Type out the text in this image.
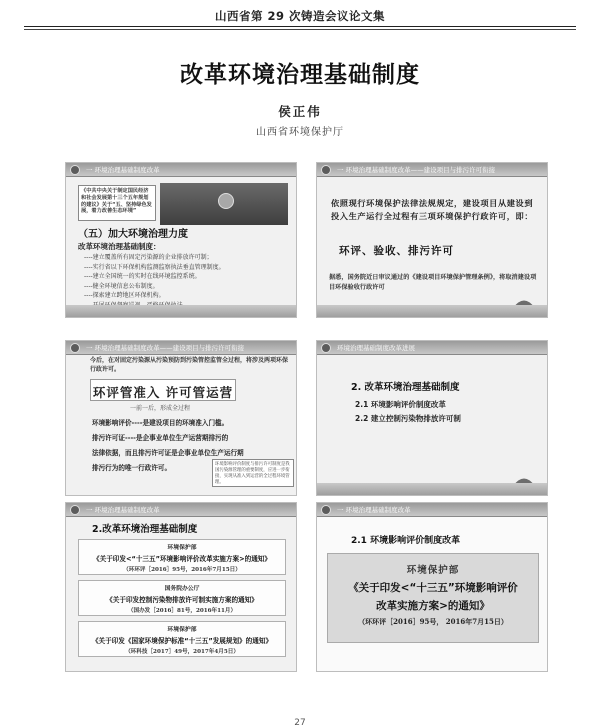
山西省第 29 次铸造会议论文集
改革环境治理基础制度
侯正伟
山西省环境保护厅
一 环境治理基础制度改革
《中共中央关于制定国民经济和社会发展第十三个五年规划的建议》关于“五、坚持绿色发展，着力改善生态环境”
（五）加大环境治理力度
改革环境治理基础制度：
----建立覆盖所有固定污染源的企业排放许可制；
----实行省以下环保机构监测监察执法垂直管理制度。
----建立全国统一的实时在线环境监控系统。
----健全环境信息公布制度。
----探索建立跨地区环保机构。
一 环境治理基础制度改革——建设项目与排污许可衔接
依照现行环境保护法律法规规定，建设项目从建设到投入生产运行全过程有三项环境保护行政许可，即：
环评、验收、排污许可
据悉，国务院近日审议通过的《建设项目环境保护管理条例》，将取消建设项目环保验收行政许可
一 环境治理基础制度改革——建设项目与排污许可衔接
今后，在对固定污染源从污染预防到污染管控监管全过程，将涉及两项环保行政许可。
环评管准入 许可管运营
一前一后，形成全过程
环境影响评价----是建设项目的环境准入门槛。
排污许可证----是企事业单位生产运营期排污的
法律依据，而且排污许可证是企事业单位生产运行期
排污行为的唯一行政许可。	环境影响评价制度与排污许可制度是我国污染源管理的重要制度，应进一步衔接，实现从准入到运营的全过程环境管理。
环境治理基础制度改革进展
2. 改革环境治理基础制度
2.1 环境影响评价制度改革
2.2 建立控制污染物排放许可制
一 环境治理基础制度改革
2.改革环境治理基础制度
环境保护部
《关于印发<“十三五”环境影响评价改革实施方案>的通知》
（环环评［2016］95号，2016年7月15日）
国务院办公厅
《关于印发控制污染物排放许可制实施方案的通知》
（国办发［2016］81号，2016年11月）
环境保护部
《关于印发《国家环境保护标准“十三五”发展规划》的通知》
（环科技［2017］49号，2017年4月5日）
一 环境治理基础制度改革
2.1 环境影响评价制度改革
环境保护部
《关于印发<“十三五”环境影响评价
改革实施方案>的通知》
（环环评［2016］95号， 2016年7月15日）
27
